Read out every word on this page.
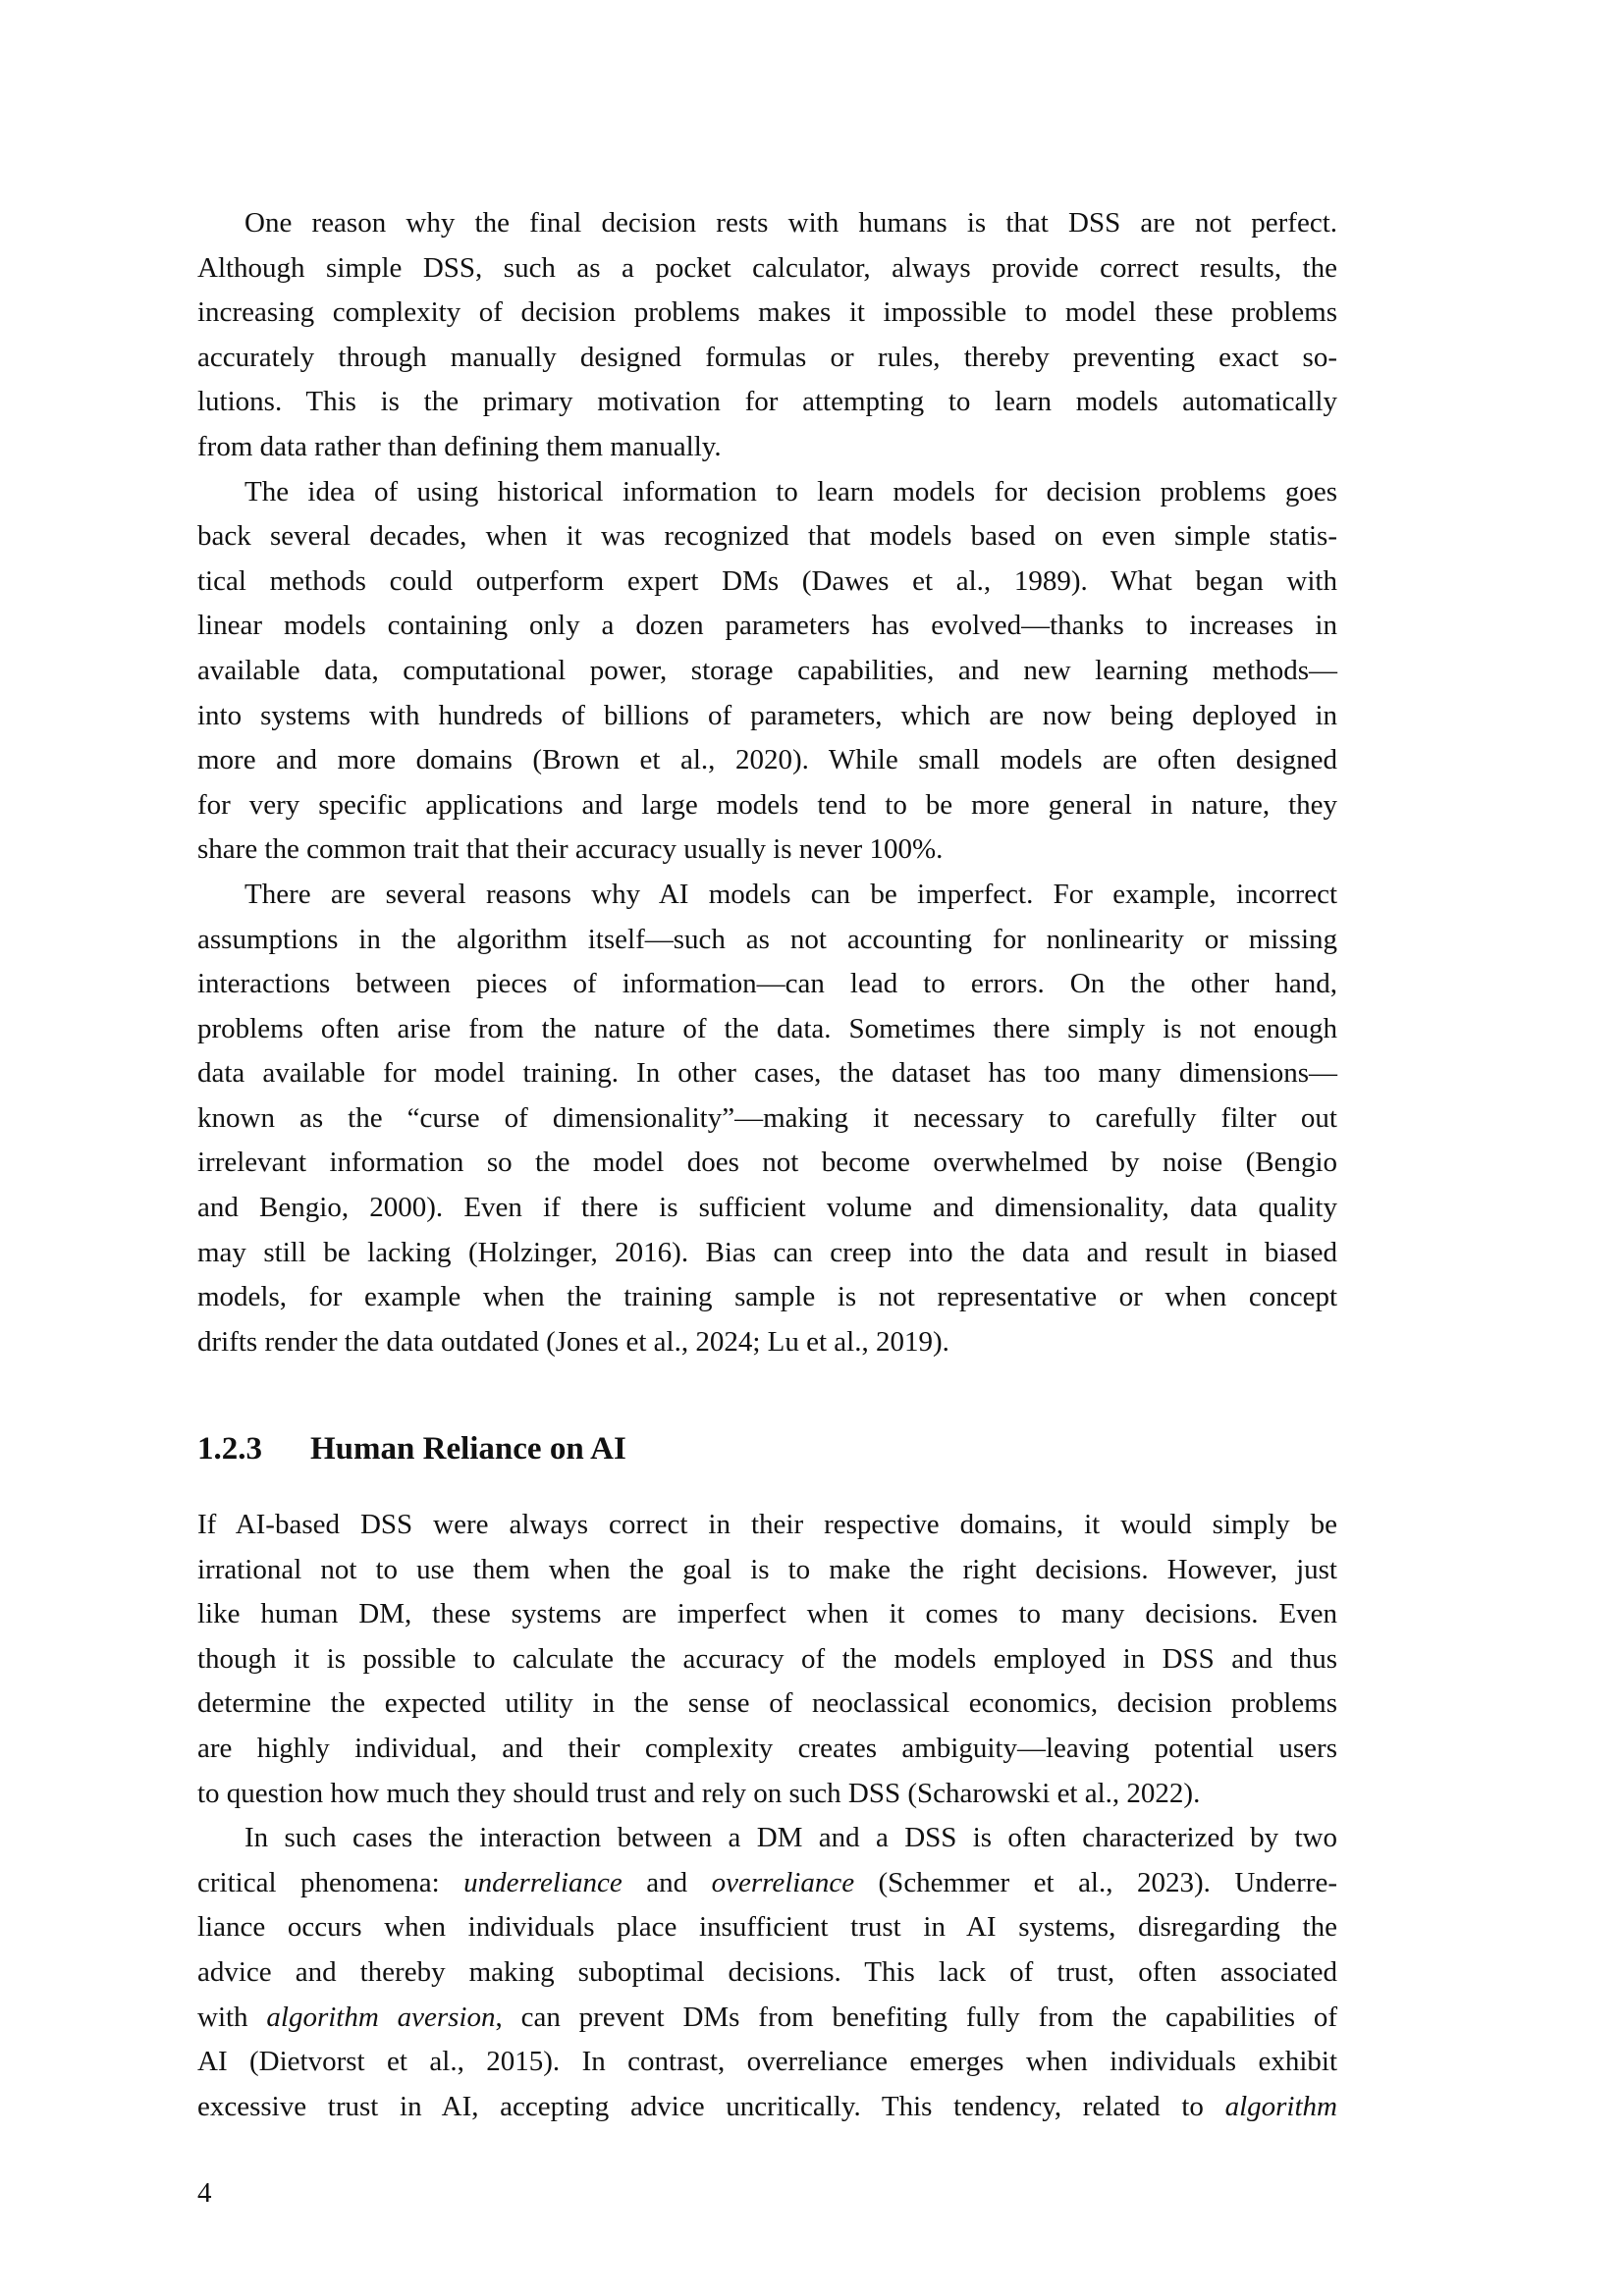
One reason why the final decision rests with humans is that DSS are not perfect.
Although simple DSS, such as a pocket calculator, always provide correct results, the
increasing complexity of decision problems makes it impossible to model these problems
accurately through manually designed formulas or rules, thereby preventing exact so-
lutions. This is the primary motivation for attempting to learn models automatically
from data rather than defining them manually.
The idea of using historical information to learn models for decision problems goes
back several decades, when it was recognized that models based on even simple statis-
tical methods could outperform expert DMs (Dawes et al., 1989). What began with
linear models containing only a dozen parameters has evolved—thanks to increases in
available data, computational power, storage capabilities, and new learning methods—
into systems with hundreds of billions of parameters, which are now being deployed in
more and more domains (Brown et al., 2020). While small models are often designed
for very specific applications and large models tend to be more general in nature, they
share the common trait that their accuracy usually is never 100%.
There are several reasons why AI models can be imperfect. For example, incorrect
assumptions in the algorithm itself—such as not accounting for nonlinearity or missing
interactions between pieces of information—can lead to errors. On the other hand,
problems often arise from the nature of the data. Sometimes there simply is not enough
data available for model training. In other cases, the dataset has too many dimensions—
known as the “curse of dimensionality”—making it necessary to carefully filter out
irrelevant information so the model does not become overwhelmed by noise (Bengio
and Bengio, 2000). Even if there is sufficient volume and dimensionality, data quality
may still be lacking (Holzinger, 2016). Bias can creep into the data and result in biased
models, for example when the training sample is not representative or when concept
drifts render the data outdated (Jones et al., 2024; Lu et al., 2019).
1.2.3 Human Reliance on AI
If AI-based DSS were always correct in their respective domains, it would simply be
irrational not to use them when the goal is to make the right decisions. However, just
like human DM, these systems are imperfect when it comes to many decisions. Even
though it is possible to calculate the accuracy of the models employed in DSS and thus
determine the expected utility in the sense of neoclassical economics, decision problems
are highly individual, and their complexity creates ambiguity—leaving potential users
to question how much they should trust and rely on such DSS (Scharowski et al., 2022).
In such cases the interaction between a DM and a DSS is often characterized by two
critical phenomena: underreliance and overreliance (Schemmer et al., 2023). Underre-
liance occurs when individuals place insufficient trust in AI systems, disregarding the
advice and thereby making suboptimal decisions. This lack of trust, often associated
with algorithm aversion, can prevent DMs from benefiting fully from the capabilities of
AI (Dietvorst et al., 2015). In contrast, overreliance emerges when individuals exhibit
excessive trust in AI, accepting advice uncritically. This tendency, related to algorithm
4
